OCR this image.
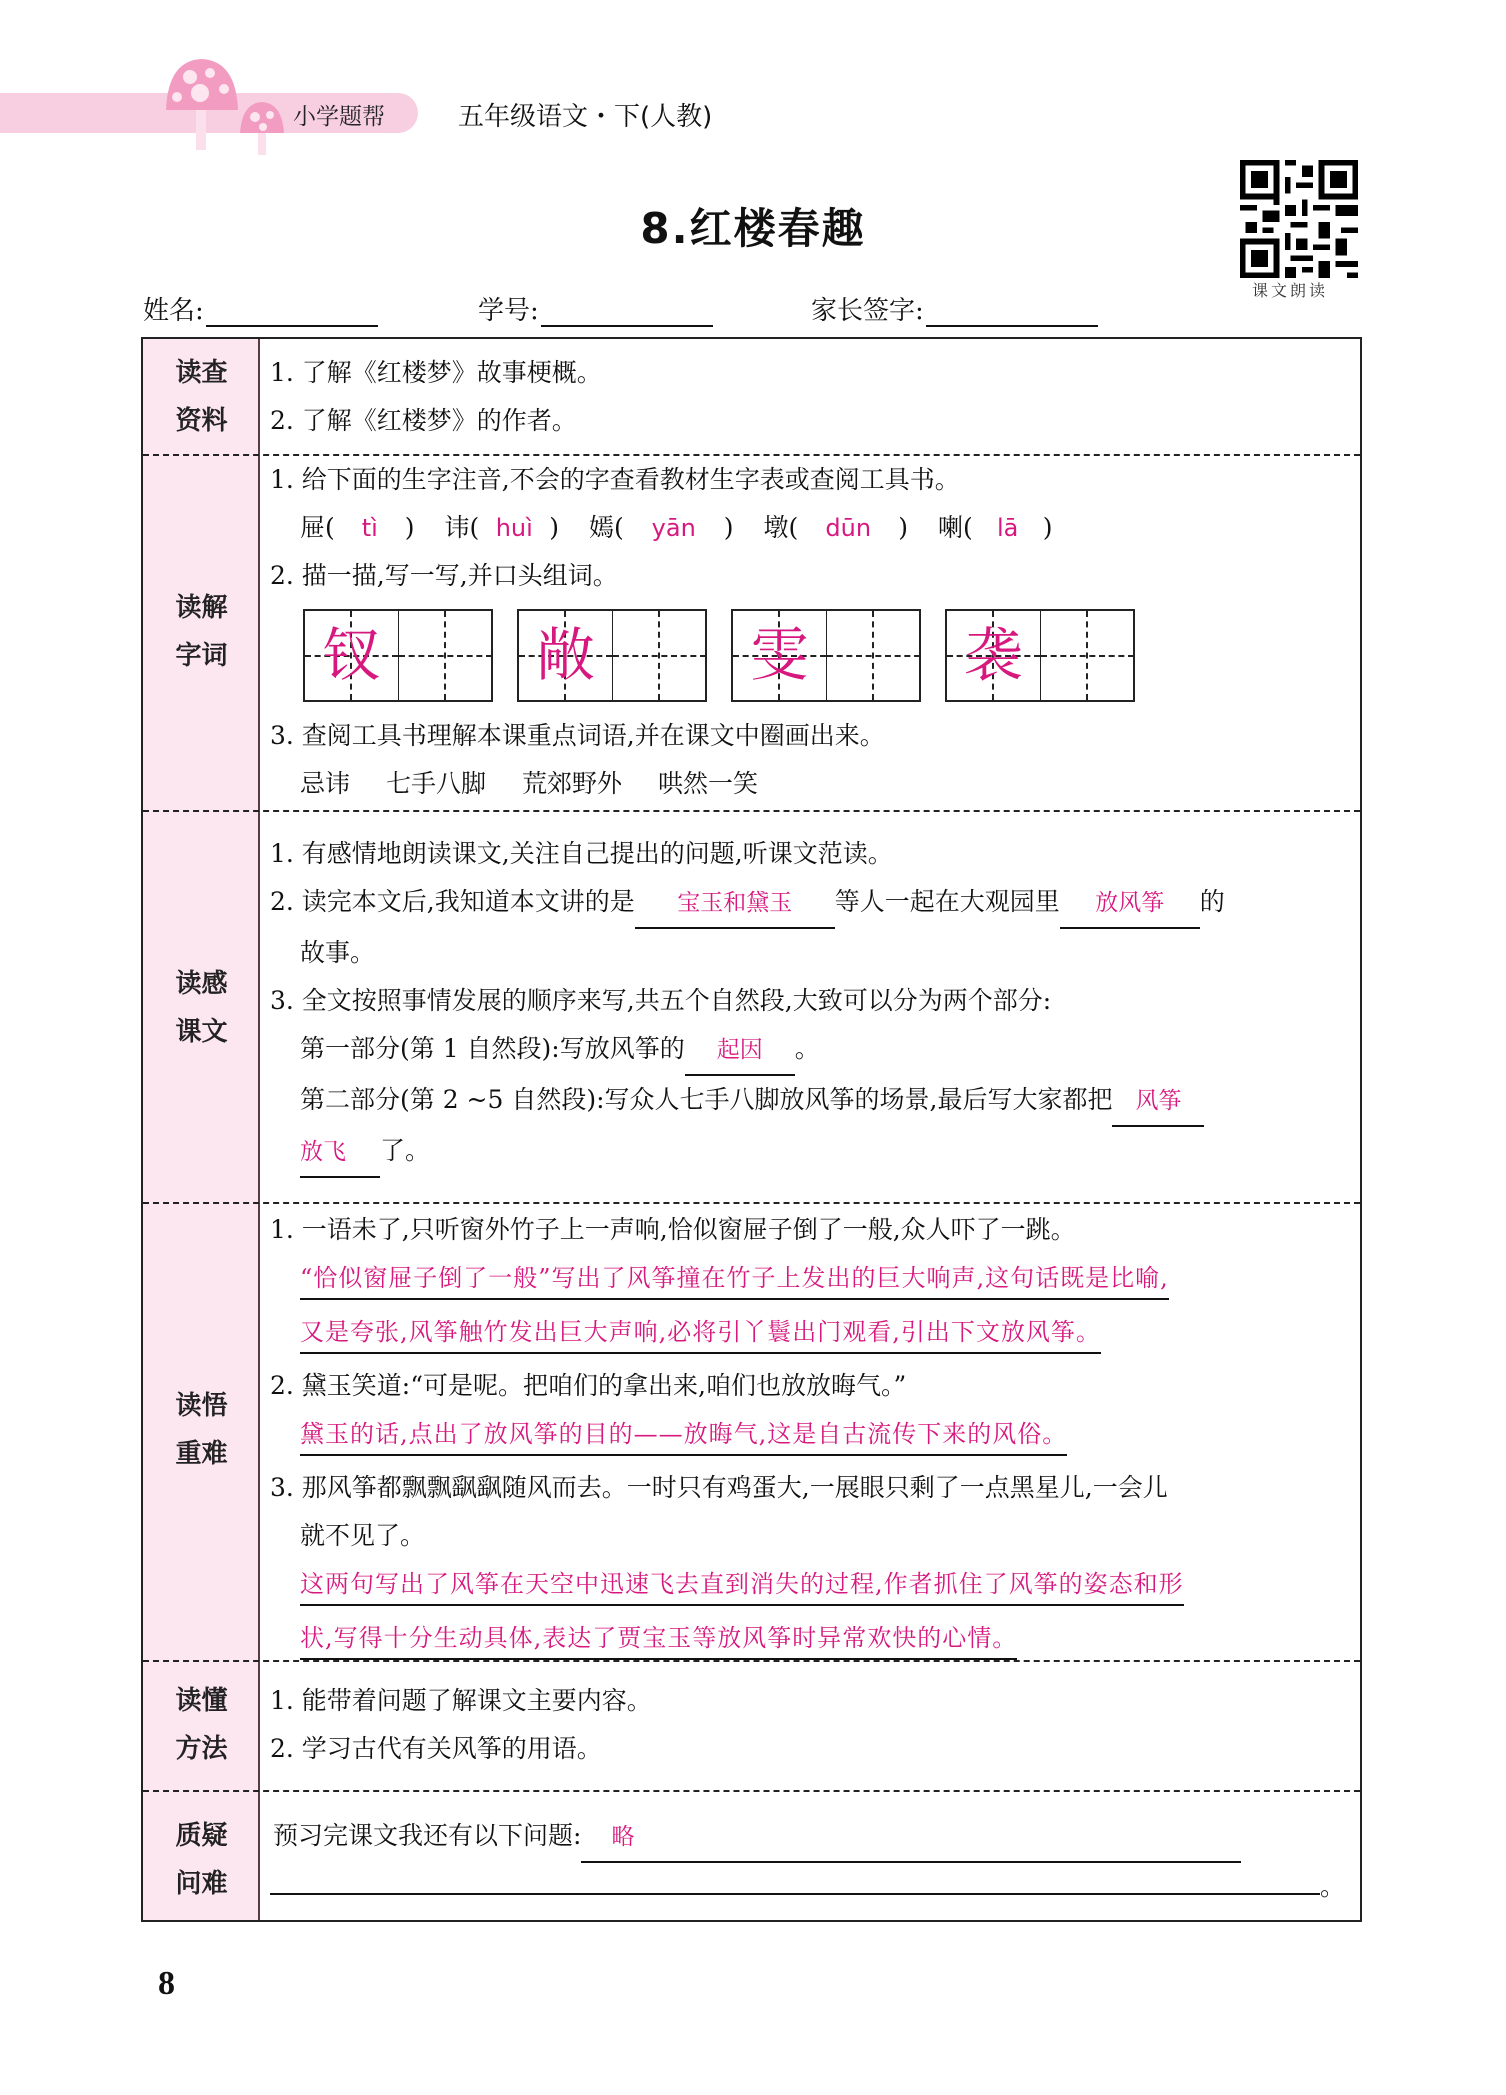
小学题帮	五年级语文・下(人教)
8.红楼春趣
课文朗读
姓名:	学号:	家长签字:
读查
资料
1. 了解《红楼梦》故事梗概。
2. 了解《红楼梦》的作者。
读解
字词
1. 给下面的生字注音,不会的字查看教材生字表或查阅工具书。
屉( tì ) 讳( huì ) 嫣( yān ) 墩( dūn ) 喇( lā )
2. 描一描,写一写,并口头组词。
钗	敞	雯	袭
3. 查阅工具书理解本课重点词语,并在课文中圈画出来。
忌讳 七手八脚 荒郊野外 哄然一笑
读感
课文
1. 有感情地朗读课文,关注自己提出的问题,听课文范读。
2. 读完本文后,我知道本文讲的是 宝玉和黛玉 等人一起在大观园里 放风筝 的
故事。
3. 全文按照事情发展的顺序来写,共五个自然段,大致可以分为两个部分:
第一部分(第 1 自然段):写放风筝的 起因 。
第二部分(第 2 ~5 自然段):写众人七手八脚放风筝的场景,最后写大家都把 风筝
放飞 了。
读悟
重难
1. 一语未了,只听窗外竹子上一声响,恰似窗屉子倒了一般,众人吓了一跳。
“恰似窗屉子倒了一般”写出了风筝撞在竹子上发出的巨大响声,这句话既是比喻,
又是夸张,风筝触竹发出巨大声响,必将引丫鬟出门观看,引出下文放风筝。
2. 黛玉笑道:“可是呢。把咱们的拿出来,咱们也放放晦气。”
黛玉的话,点出了放风筝的目的——放晦气,这是自古流传下来的风俗。
3. 那风筝都飘飘飖飖随风而去。一时只有鸡蛋大,一展眼只剩了一点黑星儿,一会儿
就不见了。
这两句写出了风筝在天空中迅速飞去直到消失的过程,作者抓住了风筝的姿态和形
状,写得十分生动具体,表达了贾宝玉等放风筝时异常欢快的心情。
读懂
方法
1. 能带着问题了解课文主要内容。
2. 学习古代有关风筝的用语。
质疑
问难
预习完课文我还有以下问题: 略
。
8
